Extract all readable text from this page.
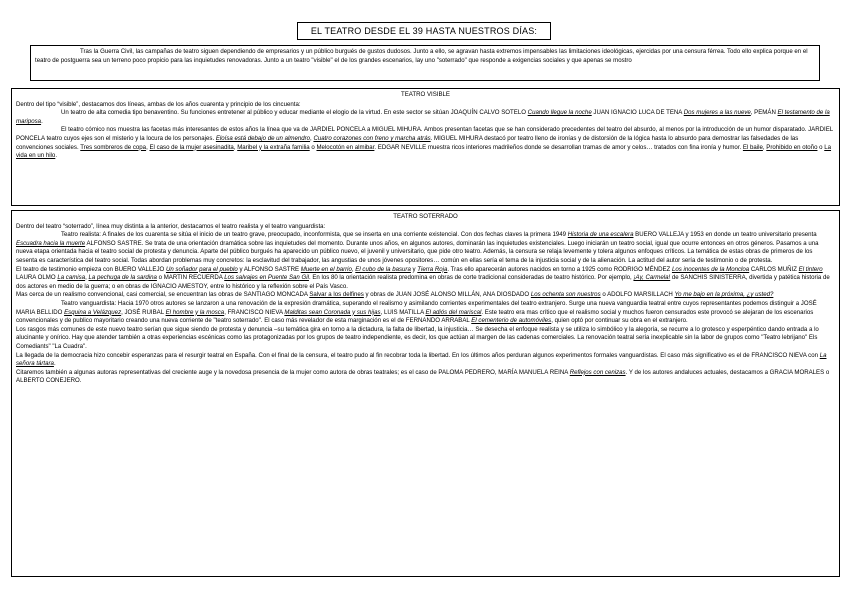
EL TEATRO DESDE EL 39 HASTA NUESTROS DÍAS:

Tras la Guerra Civil, las campañas de teatro siguen dependiendo de empresarios y un público burgués de gustos dudosos. Junto a ello, se agravan hasta extremos impensables las limitaciones ideológicas, ejercidas por una censura férrea. Todo ello explica porque en el teatro de postguerra sea un terreno poco propicio para las inquietudes renovadoras. Junto a un teatro "visible" el de los grandes escenarios, lay uno "soterrado" que responde a exigencias sociales y que apenas se mostro

TEATRO VISIBLE

Dentro del tipo “visible”, destacamos dos líneas, ambas de los años cuarenta y principio de los cincuenta:

Un teatro de alta comedia tipo benaventino. Su funciones entretener al público y educar mediante el elogio de la virtud. En este sector se sitúan JOAQUÍN CALVO SOTELO Cuando llegue la noche JUAN IGNACIO LUCA DE TENA Dos mujeres a las nueve, PEMÁN El testamento de la mariposa.

El teatro cómico nos muestra las facetas más interesantes de estos años la línea que va de JARDIEL PONCELA a MIGUEL MIHURA. Ambos presentan facetas que se han considerado precedentes del teatro del absurdo, al menos por la introducción de un humor disparatado. JARDIEL PONCELA teatro cuyos ejes son el misterio y la locura de los personajes. Eloísa está debajo de un almendro, Cuatro corazones con freno y marcha atrás. MIGUEL MIHURA destacó por teatro lleno de ironías y de distorsión de la lógica hasta lo absurdo para demostrar las falsedades de las convenciones sociales. Tres sombreros de copa, El caso de la mujer asesinadita, Maribel y la extraña familia o Melocotón en almibar. EDGAR NEVILLE muestra ricos interiores madrileños donde se desarrollan tramas de amor y celos… tratados con fina ironía y humor. El baile, Prohibido en otoño o La vida en un hilo.

TEATRO SOTERRADO

Dentro del teatro “soterrado”, línea muy distinta a la anterior, destacamos el teatro realista y el teatro vanguardista:

Teatro realista: A finales de los cuarenta se sitúa el inicio de un teatro grave, preocupado, inconformista, que se inserta en una corriente existencial. Con dos fechas claves la primera 1949 Historia de una escalera BUERO VALLEJA y 1953 en donde un teatro universitario presenta Escuadra hacia la muerte ALFONSO SASTRE. Se trata de una orientación dramática sobre las inquietudes del momento. Durante unos años, en algunos autores, dominarán las inquietudes existenciales. Luego iniciarán un teatro social, igual que ocurre entonces en otros géneros. Pasamos a una nueva etapa orientada hacia el teatro social de protesta y denuncia. Aparte del público burgués ha aparecido un público nuevo, el juvenil y universitario, que pide otro teatro. Además, la censura se relaja levemente y tolera algunos enfoques críticos. La temática de estas obras de primeros de los sesenta es característica del teatro social. Todas abordan problemas muy concretos: la esclavitud del trabajador, las angustias de unos jóvenes opositores… común en ellas sería el tema de la injusticia social y de la alienación. La actitud del autor sería de testimonio o de protesta.

El teatro de testimonio empieza con BUERO VALLEJO Un soñador para el pueblo y ALFONSO SASTRE Muerte en el barrio, El cubo de la basura y Tierra Roja. Tras ello aparecerán autores nacidos en torno a 1925 como RODRIGO MÉNDEZ Los inocentes de la Moncloa CARLOS MUÑIZ El tintero LAURA OLMO La camisa, La pechuga de la sardina o MARTIN RECUERDA Los salvajes en Puente San Gil. En los 80 la orientación realista predomina en obras de corte tradicional consideradas de teatro histórico. Por ejemplo, ¡Ay, Carmela! de SANCHIS SINISTERRA, divertida y patética historia de dos actores en medio de la guerra; o en obras de IGNACIO AMESTOY, entre lo histórico y la reflexión sobre el País Vasco.

Mas cerca de un realismo convencional, casi comercial, se encuentran las obras de SANTIAGO MONCADA Salvar a los delfines y obras de JUAN JOSÉ ALONSO MILLÁN, ANA DIOSDADO Los ochenta son nuestros o ADOLFO MARSILLACH Yo me bajo en la próxima, ¿y usted?

Teatro vanguardista: Hacia 1970 otros autores se lanzaron a una renovación de la expresión dramática, superando el realismo y asimilando corrientes experimentales del teatro extranjero. Surge una nueva vanguardia teatral entre cuyos representantes podemos distinguir a JOSÉ MARIA BELLIDO Esquina a Velázquez, JOSÉ RUIBAL El hombre y la mosca, FRANCISCO NIEVA Malditas sean Coronada y sus hijas, LUIS MATILLA El adiós del mariscal. Este teatro era mas crítico que el realismo social y muchos fueron censurados este provocó se alejaran de los escenarios convencionales y de publico mayoritario creando una nueva corriente de "teatro soterrado". El caso más revelador de esta marginación es el de FERNANDO ARRABAL El cementerio de automóviles, quien optó por continuar su obra en el extranjero.

Los rasgos más comunes de este nuevo teatro serían que sigue siendo de protesta y denuncia –su temática gira en torno a la dictadura, la falta de libertad, la injusticia… Se desecha el enfoque realista y se utiliza lo simbólico y la alegoría, se recurre a lo grotesco y esperpéntico dando entrada a lo alucinante y onírico. Hay que atender también a otras experiencias escénicas como las protagonizadas por los grupos de teatro independiente, es decir, los que actúan al margen de las cadenas comerciales. La renovación teatral sería inexplicable sin la labor de grupos como "Teatro lebrijano" Els Comediants" "La Cuadra".

La llegada de la democracia hizo concebir esperanzas para el resurgir teatral en España. Con el final de la censura, el teatro pudo al fin recobrar toda la libertad. En los últimos años perduran algunos experimentos formales vanguardistas. El caso más significativo es el de FRANCISCO NIEVA con La señora tártara.

Citaremos también a algunas autoras representativas del creciente auge y la novedosa presencia de la mujer como autora de obras teatrales; es el caso de PALOMA PEDRERO, MARÍA MANUELA REINA Reflejos con cenizas. Y de los autores andaluces actuales, destacamos a GRACIA MORALES o ALBERTO CONEJERO.
